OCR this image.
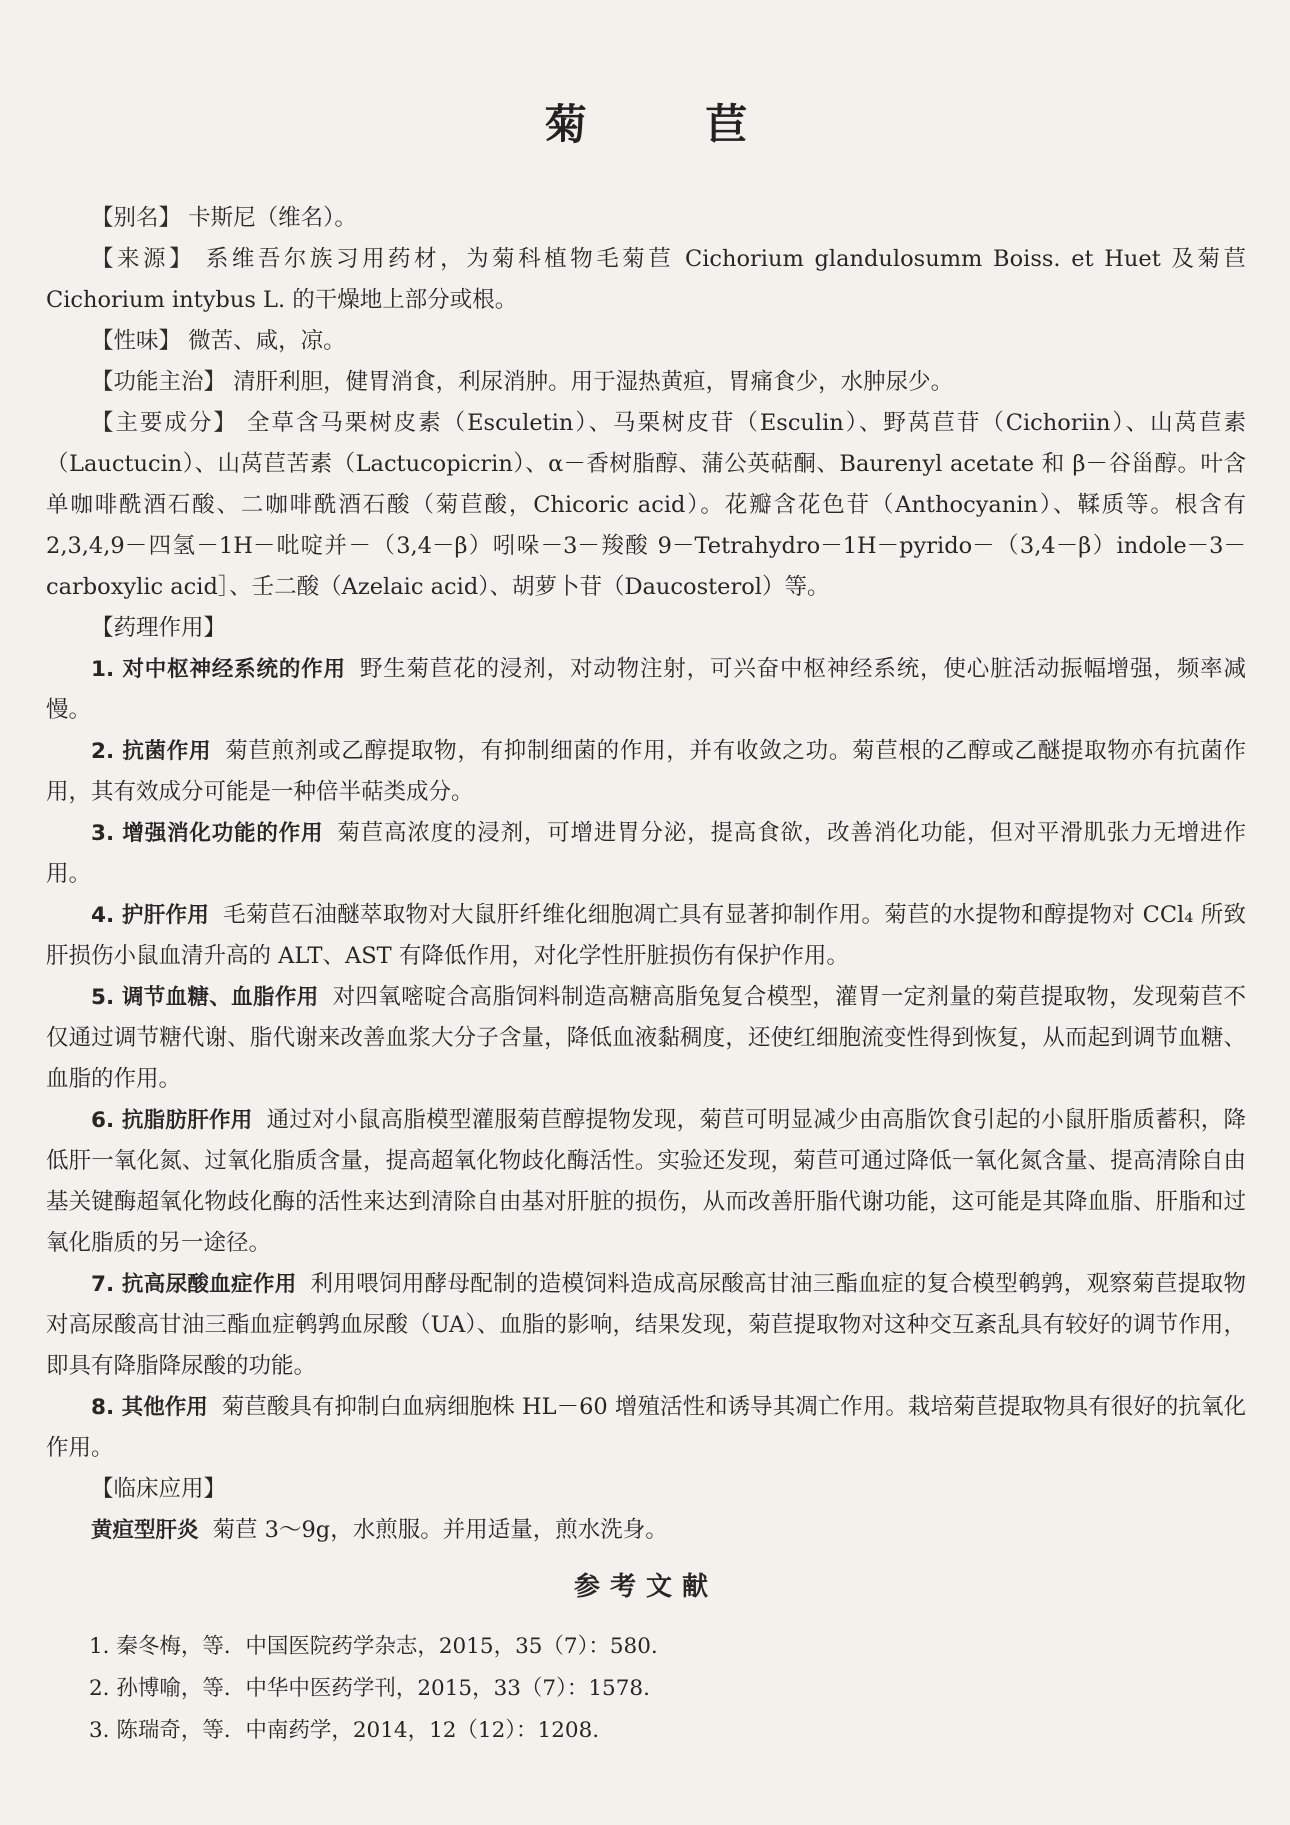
菊 苣

【别名】 卡斯尼（维名）。

【来源】 系维吾尔族习用药材，为菊科植物毛菊苣 Cichorium glandulosumm Boiss. et Huet 及菊苣 Cichorium intybus L. 的干燥地上部分或根。

【性味】 微苦、咸，凉。

【功能主治】 清肝利胆，健胃消食，利尿消肿。用于湿热黄疸，胃痛食少，水肿尿少。

【主要成分】 全草含马栗树皮素（Esculetin）、马栗树皮苷（Esculin）、野莴苣苷（Cichoriin）、山莴苣素（Lauctucin）、山莴苣苦素（Lactucopicrin）、α－香树脂醇、蒲公英萜酮、Baurenyl acetate 和 β－谷甾醇。叶含单咖啡酰酒石酸、二咖啡酰酒石酸（菊苣酸，Chicoric acid）。花瓣含花色苷（Anthocyanin）、鞣质等。根含有 2,3,4,9－四氢－1H－吡啶并－（3,4－β）吲哚－3－羧酸 9－Tetrahydro－1H－pyrido－（3,4－β）indole－3－carboxylic acid］、壬二酸（Azelaic acid）、胡萝卜苷（Daucosterol）等。

【药理作用】

1. 对中枢神经系统的作用 野生菊苣花的浸剂，对动物注射，可兴奋中枢神经系统，使心脏活动振幅增强，频率减慢。

2. 抗菌作用 菊苣煎剂或乙醇提取物，有抑制细菌的作用，并有收敛之功。菊苣根的乙醇或乙醚提取物亦有抗菌作用，其有效成分可能是一种倍半萜类成分。

3. 增强消化功能的作用 菊苣高浓度的浸剂，可增进胃分泌，提高食欲，改善消化功能，但对平滑肌张力无增进作用。

4. 护肝作用 毛菊苣石油醚萃取物对大鼠肝纤维化细胞凋亡具有显著抑制作用。菊苣的水提物和醇提物对 CCl₄ 所致肝损伤小鼠血清升高的 ALT、AST 有降低作用，对化学性肝脏损伤有保护作用。

5. 调节血糖、血脂作用 对四氧嘧啶合高脂饲料制造高糖高脂兔复合模型，灌胃一定剂量的菊苣提取物，发现菊苣不仅通过调节糖代谢、脂代谢来改善血浆大分子含量，降低血液黏稠度，还使红细胞流变性得到恢复，从而起到调节血糖、血脂的作用。

6. 抗脂肪肝作用 通过对小鼠高脂模型灌服菊苣醇提物发现，菊苣可明显减少由高脂饮食引起的小鼠肝脂质蓄积，降低肝一氧化氮、过氧化脂质含量，提高超氧化物歧化酶活性。实验还发现，菊苣可通过降低一氧化氮含量、提高清除自由基关键酶超氧化物歧化酶的活性来达到清除自由基对肝脏的损伤，从而改善肝脂代谢功能，这可能是其降血脂、肝脂和过氧化脂质的另一途径。

7. 抗高尿酸血症作用 利用喂饲用酵母配制的造模饲料造成高尿酸高甘油三酯血症的复合模型鹌鹑，观察菊苣提取物对高尿酸高甘油三酯血症鹌鹑血尿酸（UA）、血脂的影响，结果发现，菊苣提取物对这种交互紊乱具有较好的调节作用，即具有降脂降尿酸的功能。

8. 其他作用 菊苣酸具有抑制白血病细胞株 HL－60 增殖活性和诱导其凋亡作用。栽培菊苣提取物具有很好的抗氧化作用。

【临床应用】

黄疸型肝炎 菊苣 3～9g，水煎服。并用适量，煎水洗身。

参考文献

1. 秦冬梅，等．中国医院药学杂志，2015，35（7）：580.

2. 孙博喻，等．中华中医药学刊，2015，33（7）：1578.

3. 陈瑞奇，等．中南药学，2014，12（12）：1208.
